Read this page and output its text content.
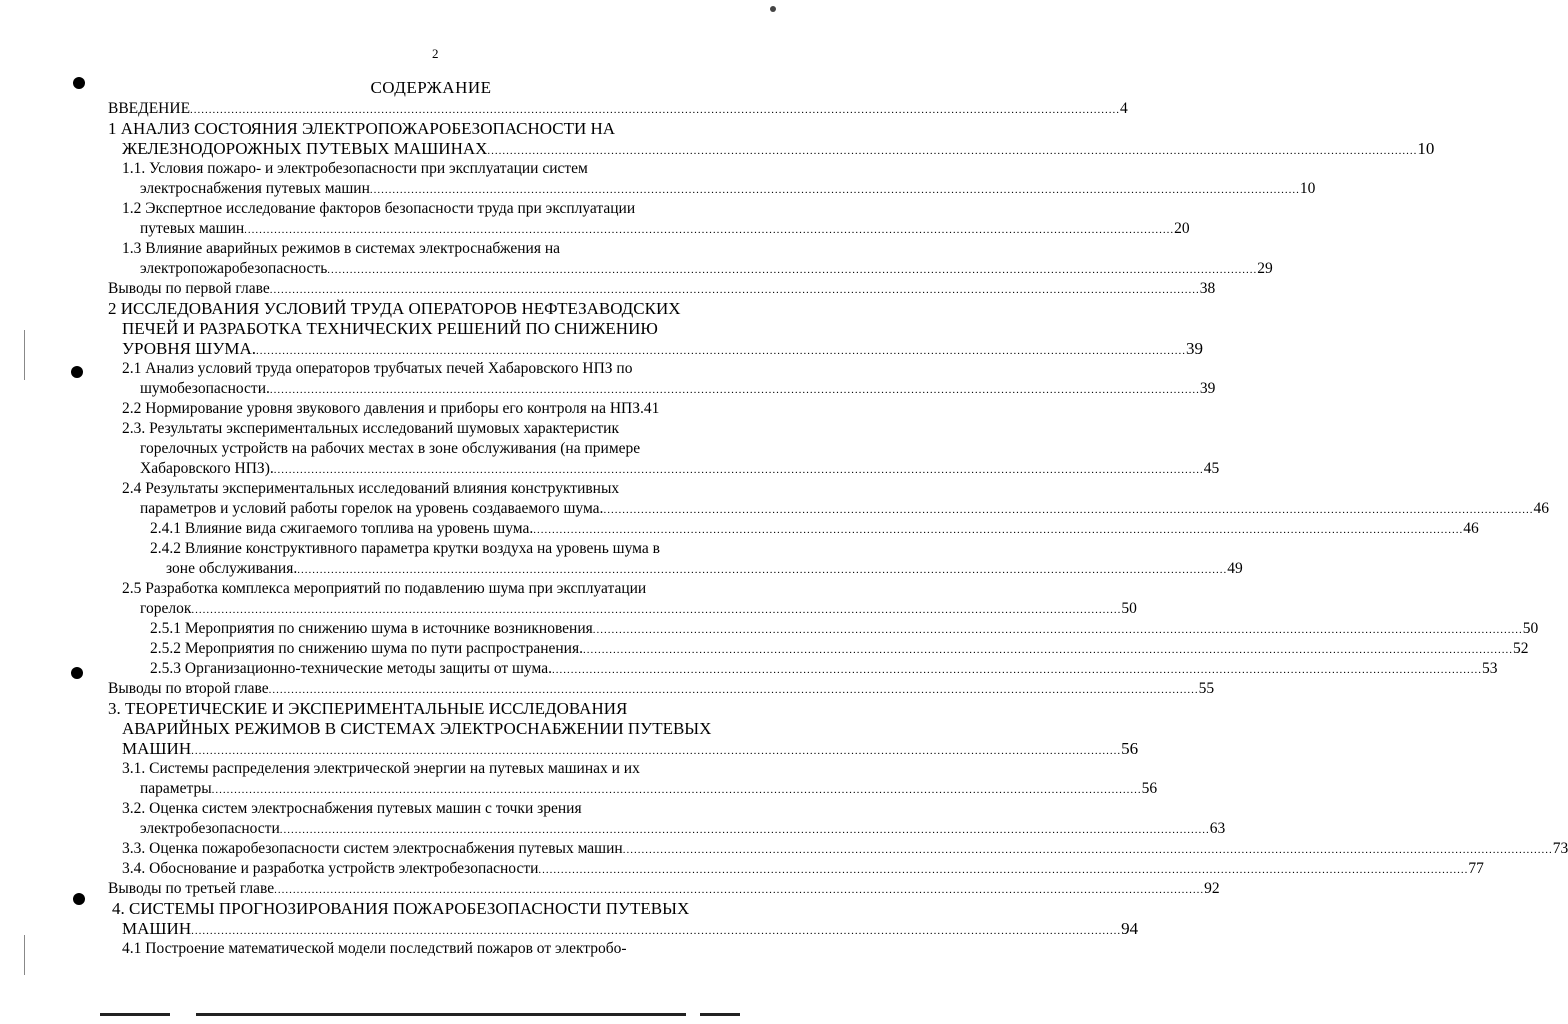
2
СОДЕРЖАНИЕ
ВВЕДЕНИЕ .....	4
1 АНАЛИЗ СОСТОЯНИЯ ЭЛЕКТРОПОЖАРОБЕЗОПАСНОСТИ НА
ЖЕЛЕЗНОДОРОЖНЫХ ПУТЕВЫХ МАШИНАХ .....	10
1.1. Условия пожаро- и электробезопасности при эксплуатации систем
электроснабжения путевых машин .....	10
1.2 Экспертное исследование факторов безопасности труда при эксплуатации
путевых машин .....	20
1.3 Влияние аварийных режимов в системах электроснабжения на
электропожаробезопасность .....	29
Выводы по первой главе .....	38
2 ИССЛЕДОВАНИЯ УСЛОВИЙ ТРУДА ОПЕРАТОРОВ НЕФТЕЗАВОДСКИХ
ПЕЧЕЙ И РАЗРАБОТКА ТЕХНИЧЕСКИХ РЕШЕНИЙ ПО СНИЖЕНИЮ
УРОВНЯ ШУМА. .....	39
2.1 Анализ условий труда операторов трубчатых печей Хабаровского НПЗ по
шумобезопасности. .....	39
2.2 Нормирование уровня звукового давления и приборы его контроля на НПЗ.41
2.3. Результаты экспериментальных исследований шумовых характеристик
горелочных устройств на рабочих местах в зоне обслуживания (на примере
Хабаровского НПЗ). .....	45
2.4 Результаты экспериментальных исследований влияния конструктивных
параметров и условий работы горелок на уровень создаваемого шума. .....	46
2.4.1 Влияние вида сжигаемого топлива на уровень шума. .....	46
2.4.2 Влияние конструктивного параметра крутки воздуха на уровень шума в
зоне обслуживания. .....	49
2.5 Разработка комплекса мероприятий по подавлению шума при эксплуатации
горелок .....	50
2.5.1 Мероприятия по снижению шума в источнике возникновения .....	50
2.5.2 Мероприятия по снижению шума по пути распространения. .....	52
2.5.3 Организационно-технические методы защиты от шума. .....	53
Выводы по второй главе .....	55
3. ТЕОРЕТИЧЕСКИЕ И ЭКСПЕРИМЕНТАЛЬНЫЕ ИССЛЕДОВАНИЯ
АВАРИЙНЫХ РЕЖИМОВ В СИСТЕМАХ ЭЛЕКТРОСНАБЖЕНИИ ПУТЕВЫХ
МАШИН .....	56
3.1. Системы распределения электрической энергии на путевых машинах и их
параметры .....	56
3.2. Оценка систем электроснабжения путевых машин с точки зрения
электробезопасности .....	63
3.3. Оценка пожаробезопасности систем электроснабжения путевых машин .....	73
3.4. Обоснование и разработка устройств электробезопасности .....	77
Выводы по третьей главе .....	92
4. СИСТЕМЫ ПРОГНОЗИРОВАНИЯ ПОЖАРОБЕЗОПАСНОСТИ ПУТЕВЫХ
МАШИН .....	94
4.1 Построение математической модели последствий пожаров от электробо-
